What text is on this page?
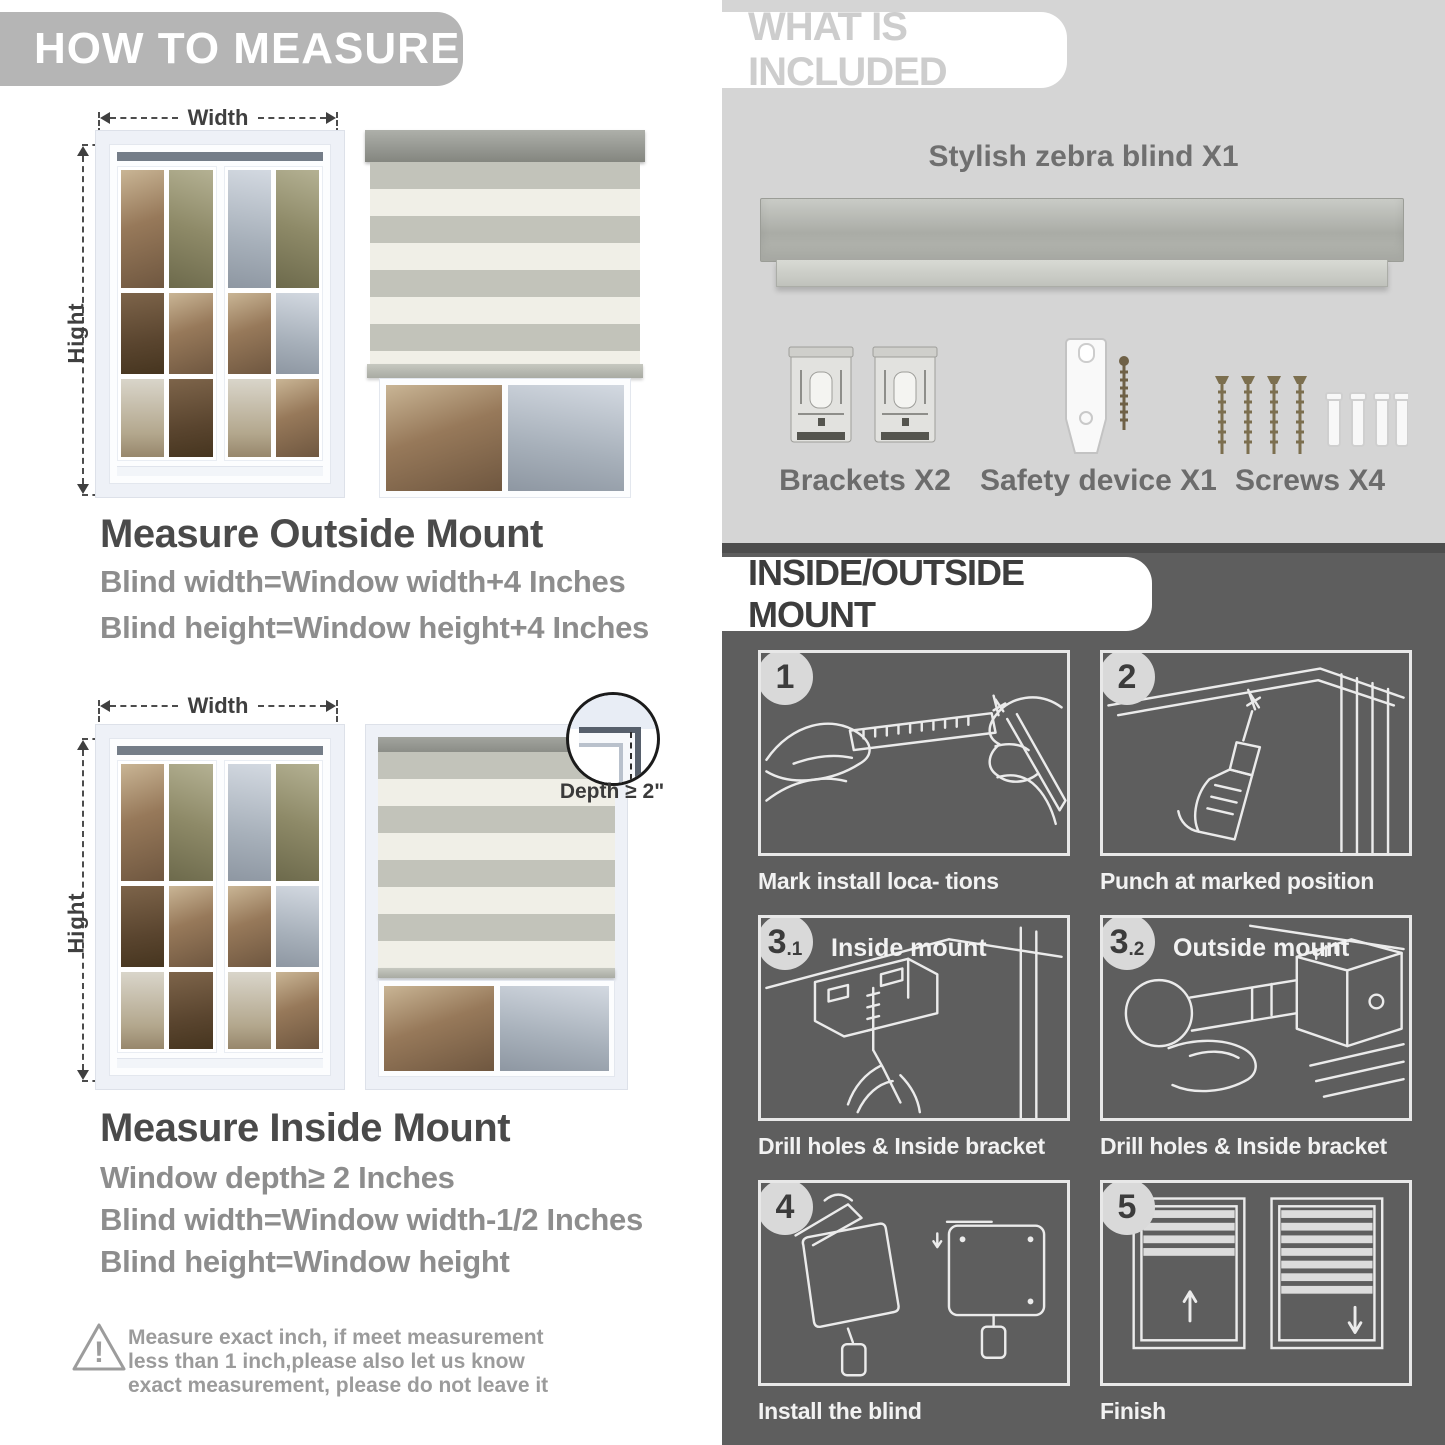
HOW TO MEASURE
Width
Hight
Measure Outside Mount
Blind width=Window width+4 Inches
Blind height=Window height+4 Inches
Width
Hight
Depth ≥ 2"
Measure Inside Mount
Window depth≥ 2 Inches
Blind width=Window width-1/2 Inches
Blind height=Window height
! Measure exact inch, if meet measurement less than 1 inch,please also let us know exact measurement, please do not leave it
WHAT IS INCLUDED
Stylish zebra blind X1
Brackets X2 Safety device X1 Screws X4
INSIDE/OUTSIDE MOUNT
1
Mark install loca- tions
2
Punch at marked position
3 .1 Inside mount
Drill holes & Inside bracket
3 .2 Outside mount
Drill holes & Inside bracket
4
Install the blind
5
Finish
